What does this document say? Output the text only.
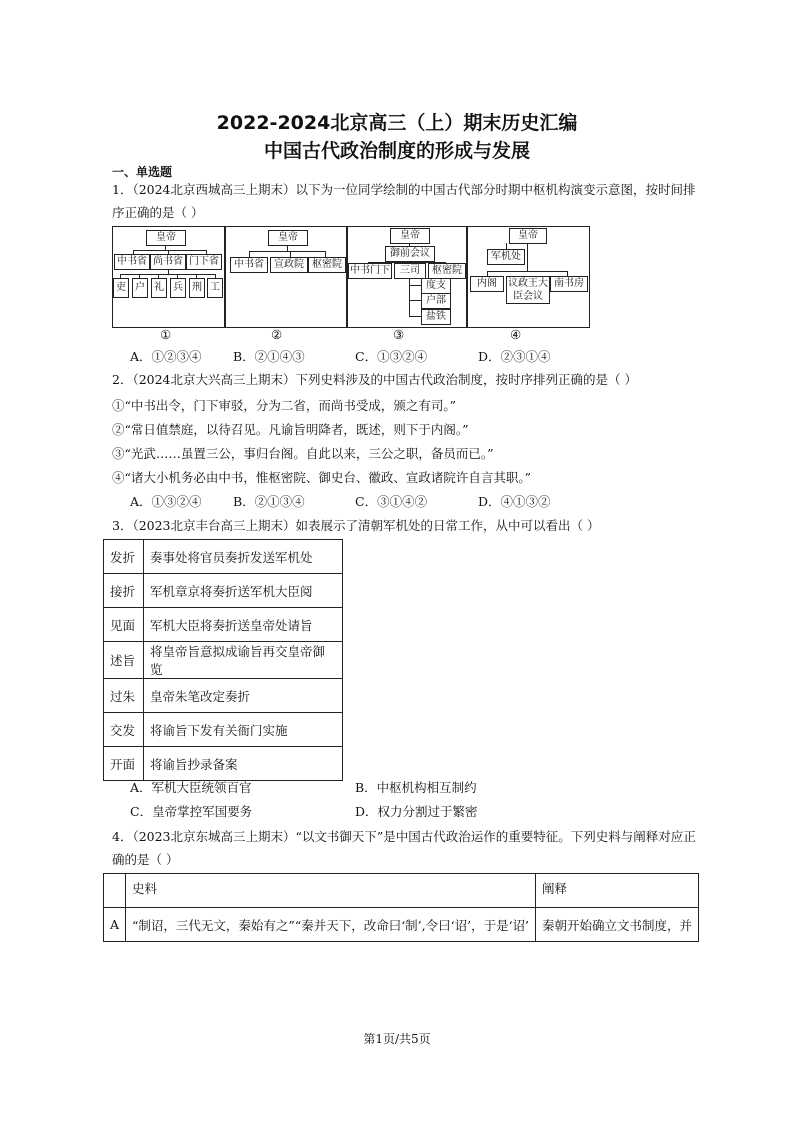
2022-2024北京高三（上）期末历史汇编
中国古代政治制度的形成与发展
一、单选题
1．（2024北京西城高三上期末）以下为一位同学绘制的中国古代部分时期中枢机构演变示意图，按时间排
序正确的是（ ）
皇帝
中书省 尚书省 门下省
吏 户 礼 兵 刑 工
皇帝
中书省	宣政院 枢密院
皇帝
御前会议
中书门下	三司	枢密院
度支
户部
盐铁
皇帝
军机处
内阁	议政王大臣会议
南书房
①	②	③	④
A．①②③④	B．②①④③	C．①③②④	D．②③①④
2．（2024北京大兴高三上期末）下列史料涉及的中国古代政治制度，按时序排列正确的是（ ）
①“中书出令，门下审驳，分为二省，而尚书受成，颁之有司。”
②“常日值禁庭，以待召见。凡谕旨明降者，既述，则下于内阁。”
③“光武……虽置三公，事归台阁。自此以来，三公之职，备员而已。”
④“诸大小机务必由中书，惟枢密院、御史台、徽政、宣政诸院许自言其职。”
A．①③②④	B．②①③④	C．③①④②	D．④①③②
3．（2023北京丰台高三上期末）如表展示了清朝军机处的日常工作，从中可以看出（ ）
发折	奏事处将官员奏折发送军机处
接折	军机章京将奏折送军机大臣阅
见面	军机大臣将奏折送皇帝处请旨
述旨	将皇帝旨意拟成谕旨再交皇帝御览
过朱	皇帝朱笔改定奏折
交发	将谕旨下发有关衙门实施
开面	将谕旨抄录备案
A．军机大臣统领百官	B．中枢机构相互制约
C．皇帝掌控军国要务	D．权力分割过于繁密
4．（2023北京东城高三上期末）“以文书御天下”是中国古代政治运作的重要特征。下列史料与阐释对应正
确的是（ ）
	史料	阐释
A	“制诏，三代无文，秦始有之”“秦并天下，改命曰‘制’,令曰‘诏’，于是‘诏’	秦朝开始确立文书制度，并
第1页/共5页
